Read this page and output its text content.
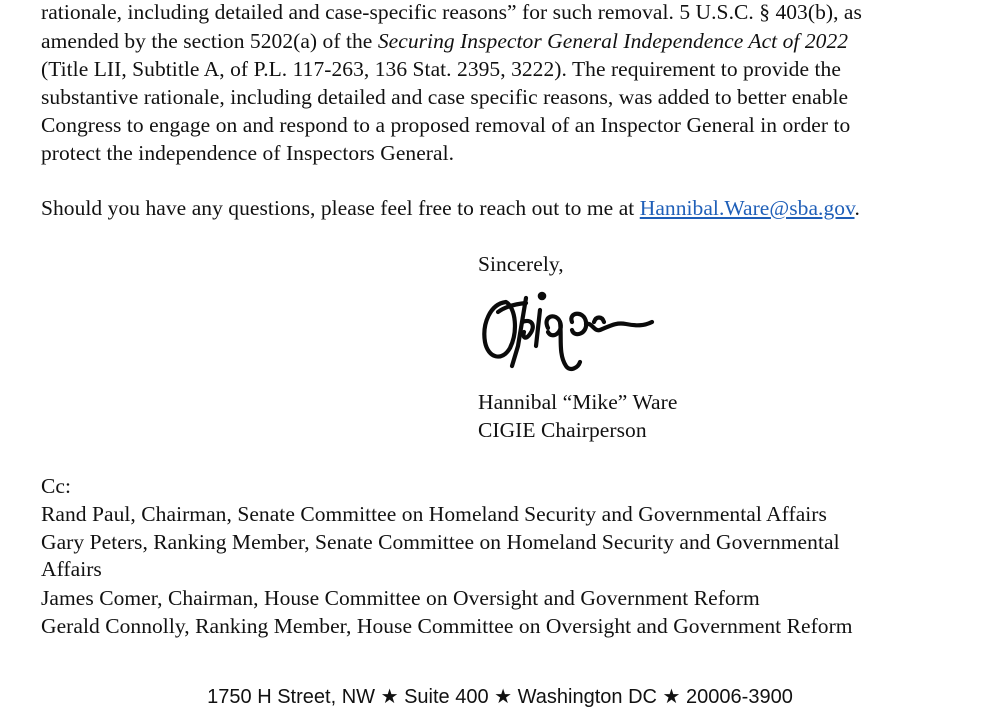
rationale, including detailed and case-specific reasons” for such removal. 5 U.S.C. § 403(b), as
amended by the section 5202(a) of the Securing Inspector General Independence Act of 2022
(Title LII, Subtitle A, of P.L. 117-263, 136 Stat. 2395, 3222). The requirement to provide the
substantive rationale, including detailed and case specific reasons, was added to better enable
Congress to engage on and respond to a proposed removal of an Inspector General in order to
protect the independence of Inspectors General.
Should you have any questions, please feel free to reach out to me at Hannibal.Ware@sba.gov.
Sincerely,
Hannibal “Mike” Ware
CIGIE Chairperson
Cc:
Rand Paul, Chairman, Senate Committee on Homeland Security and Governmental Affairs
Gary Peters, Ranking Member, Senate Committee on Homeland Security and Governmental
Affairs
James Comer, Chairman, House Committee on Oversight and Government Reform
Gerald Connolly, Ranking Member, House Committee on Oversight and Government Reform
1750 H Street, NW ★ Suite 400 ★ Washington DC ★ 20006-3900
